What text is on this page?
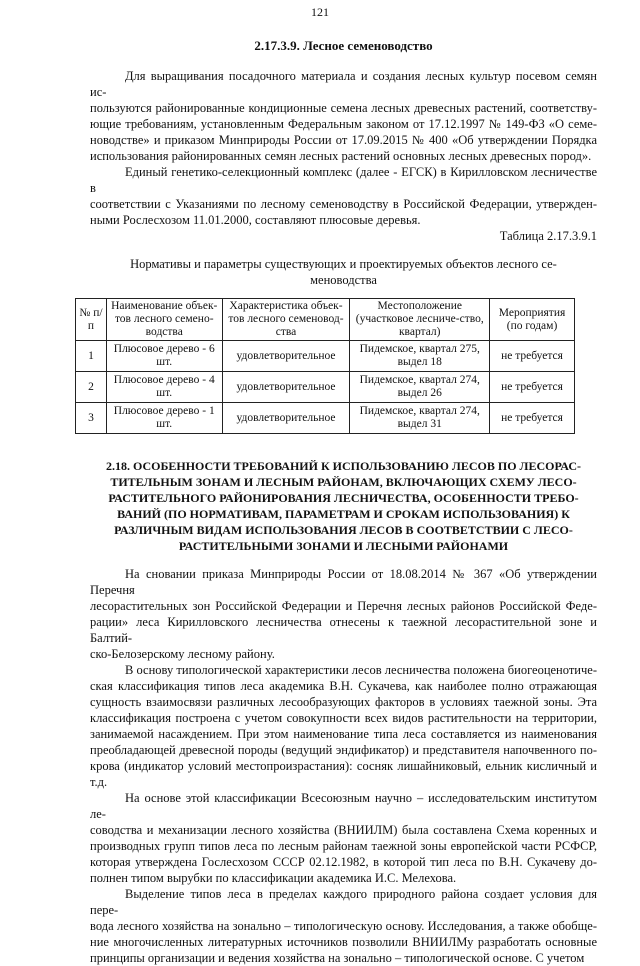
121
2.17.3.9. Лесное семеноводство
Для выращивания посадочного материала и создания лесных культур посевом семян ис-
пользуются районированные кондиционные семена лесных древесных растений, соответству-
ющие требованиям, установленным Федеральным законом от 17.12.1997 № 149-ФЗ «О семе-
новодстве» и приказом Минприроды России от 17.09.2015 № 400 «Об утверждении Порядка
использования районированных семян лесных растений основных лесных древесных пород».
Единый генетико-селекционный комплекс (далее - ЕГСК) в Кирилловском лесничестве в
соответствии с Указаниями по лесному семеноводству в Российской Федерации, утвержден-
ными Рослесхозом 11.01.2000, составляют плюсовые деревья.
Таблица 2.17.3.9.1
Нормативы и параметры существующих и проектируемых объектов лесного се-
меноводства
№ п/п	Наименование объек-тов лесного семено-водства	Характеристика объек-тов лесного семеновод-ства	Местоположение (участковое лесниче-ство, квартал)	Мероприятия (по годам)
1	Плюсовое дерево - 6 шт.	удовлетворительное	Пидемское, квартал 275, выдел 18	не требуется
2	Плюсовое дерево - 4 шт.	удовлетворительное	Пидемское, квартал 274, выдел 26	не требуется
3	Плюсовое дерево - 1 шт.	удовлетворительное	Пидемское, квартал 274, выдел 31	не требуется
2.18. ОСОБЕННОСТИ ТРЕБОВАНИЙ К ИСПОЛЬЗОВАНИЮ ЛЕСОВ ПО ЛЕСОРАС-
ТИТЕЛЬНЫМ ЗОНАМ И ЛЕСНЫМ РАЙОНАМ, ВКЛЮЧАЮЩИХ СХЕМУ ЛЕСО-
РАСТИТЕЛЬНОГО РАЙОНИРОВАНИЯ ЛЕСНИЧЕСТВА, ОСОБЕННОСТИ ТРЕБО-
ВАНИЙ (ПО НОРМАТИВАМ, ПАРАМЕТРАМ И СРОКАМ ИСПОЛЬЗОВАНИЯ) К
РАЗЛИЧНЫМ ВИДАМ ИСПОЛЬЗОВАНИЯ ЛЕСОВ В СООТВЕТСТВИИ С ЛЕСО-
РАСТИТЕЛЬНЫМИ ЗОНАМИ И ЛЕСНЫМИ РАЙОНАМИ
На сновании приказа Минприроды России от 18.08.2014 № 367 «Об утверждении Перечня
лесорастительных зон Российской Федерации и Перечня лесных районов Российской Феде-
рации» леса Кирилловского лесничества отнесены к таежной лесорастительной зоне и Балтий-
ско-Белозерскому лесному району.
В основу типологической характеристики лесов лесничества положена биогеоценотиче-
ская классификация типов леса академика В.Н. Сукачева, как наиболее полно отражающая
сущность взаимосвязи различных лесообразующих факторов в условиях таежной зоны. Эта
классификация построена с учетом совокупности всех видов растительности на территории,
занимаемой насаждением. При этом наименование типа леса составляется из наименования
преобладающей древесной породы (ведущий эндификатор) и представителя напочвенного по-
крова (индикатор условий местопроизрастания): сосняк лишайниковый, ельник кисличный и
т.д.
На основе этой классификации Всесоюзным научно – исследовательским институтом ле-
соводства и механизации лесного хозяйства (ВНИИЛМ) была составлена Схема коренных и
производных групп типов леса по лесным районам таежной зоны европейской части РСФСР,
которая утверждена Гослесхозом СССР 02.12.1982, в которой тип леса по В.Н. Сукачеву до-
полнен типом вырубки по классификации академика И.С. Мелехова.
Выделение типов леса в пределах каждого природного района создает условия для пере-
вода лесного хозяйства на зонально – типологическую основу. Исследования, а также обобще-
ние многочисленных литературных источников позволили ВНИИЛМу разработать основные
принципы организации и ведения хозяйства на зонально – типологической основе. С учетом
